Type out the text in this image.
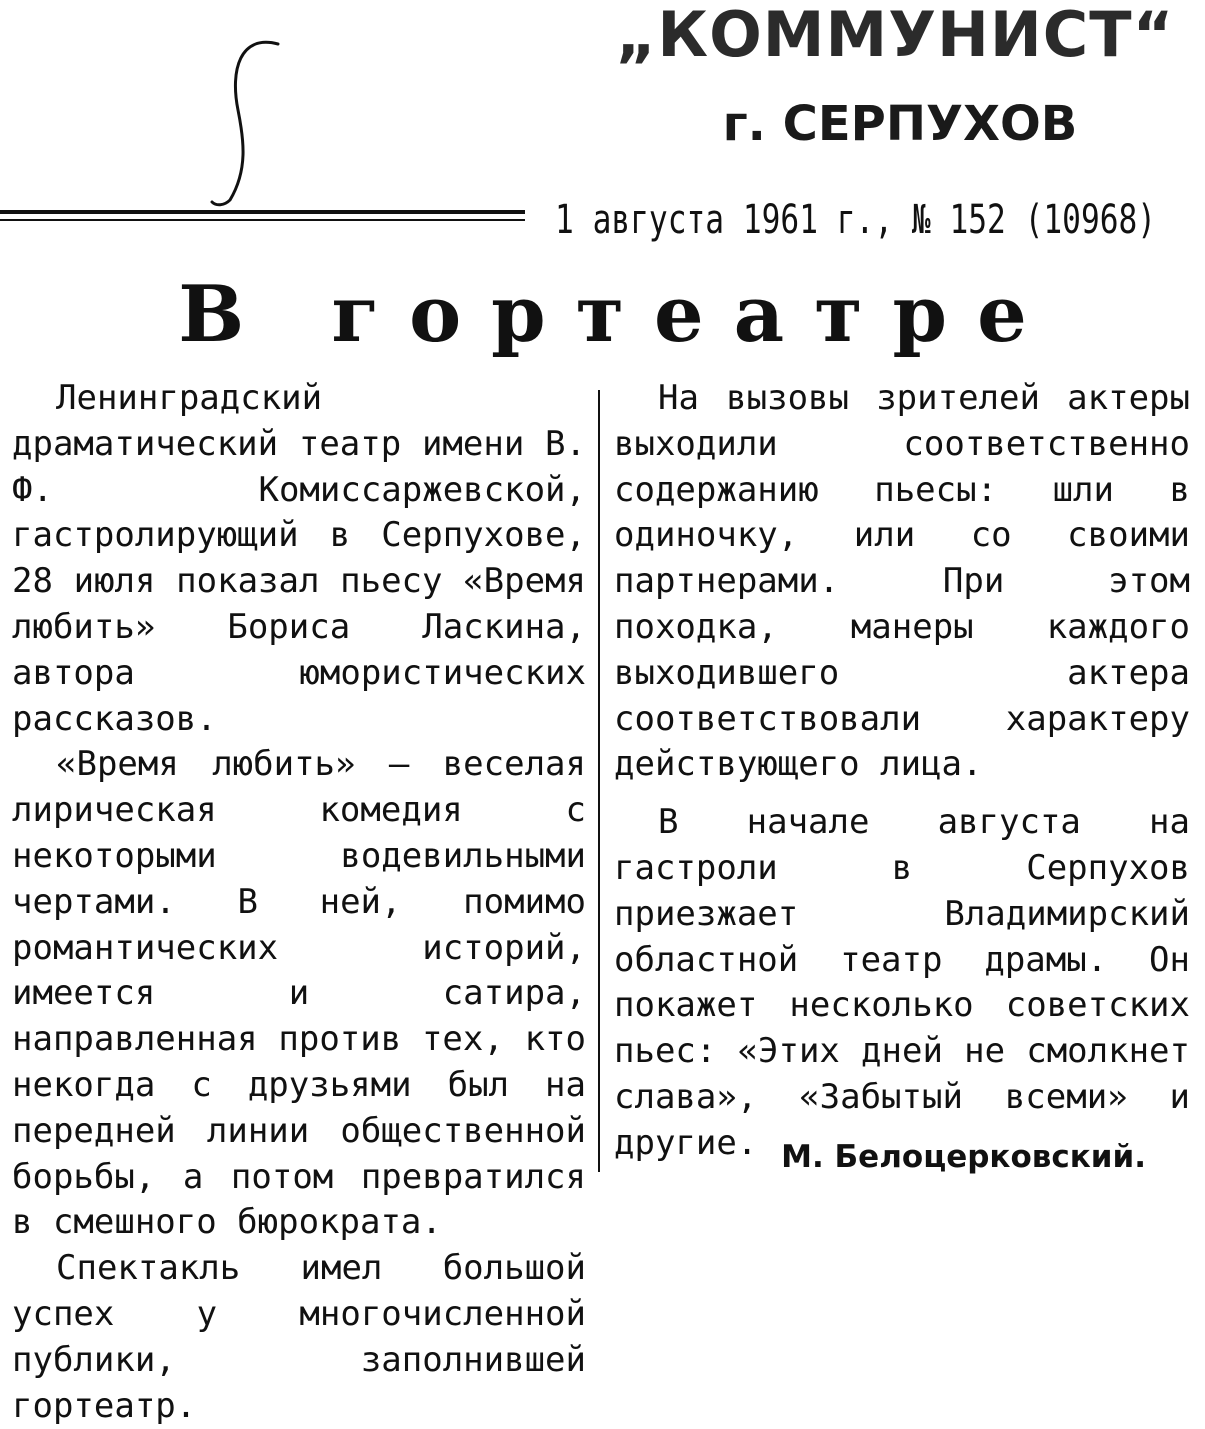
„КОММУНИСТ“
г. СЕРПУХОВ
1 августа 1961 г., № 152 (10968)
В гортеатре

Ленинградский драматический театр имени В. Ф. Комиссаржевской, гастролирующий в Серпухове, 28 июля показал пьесу «Время любить» Бориса Ласкина, автора юмористических рассказов.

«Время любить» — веселая лирическая комедия с некоторыми водевильными чертами. В ней, помимо романтических историй, имеется и сатира, направленная против тех, кто некогда с друзьями был на передней линии общественной борьбы, а потом превратился в смешного бюрократа.

Спектакль имел большой успех у многочисленной публики, заполнившей гортеатр.

На вызовы зрителей актеры выходили соответственно содержанию пьесы: шли в одиночку, или со своими партнерами. При этом походка, манеры каждого выходившего актера соответствовали характеру действующего лица.

В начале августа на гастроли в Серпухов приезжает Владимирский областной театр драмы. Он покажет несколько советских пьес: «Этих дней не смолкнет слава», «Забытый всеми» и другие. М. Белоцерковский.
